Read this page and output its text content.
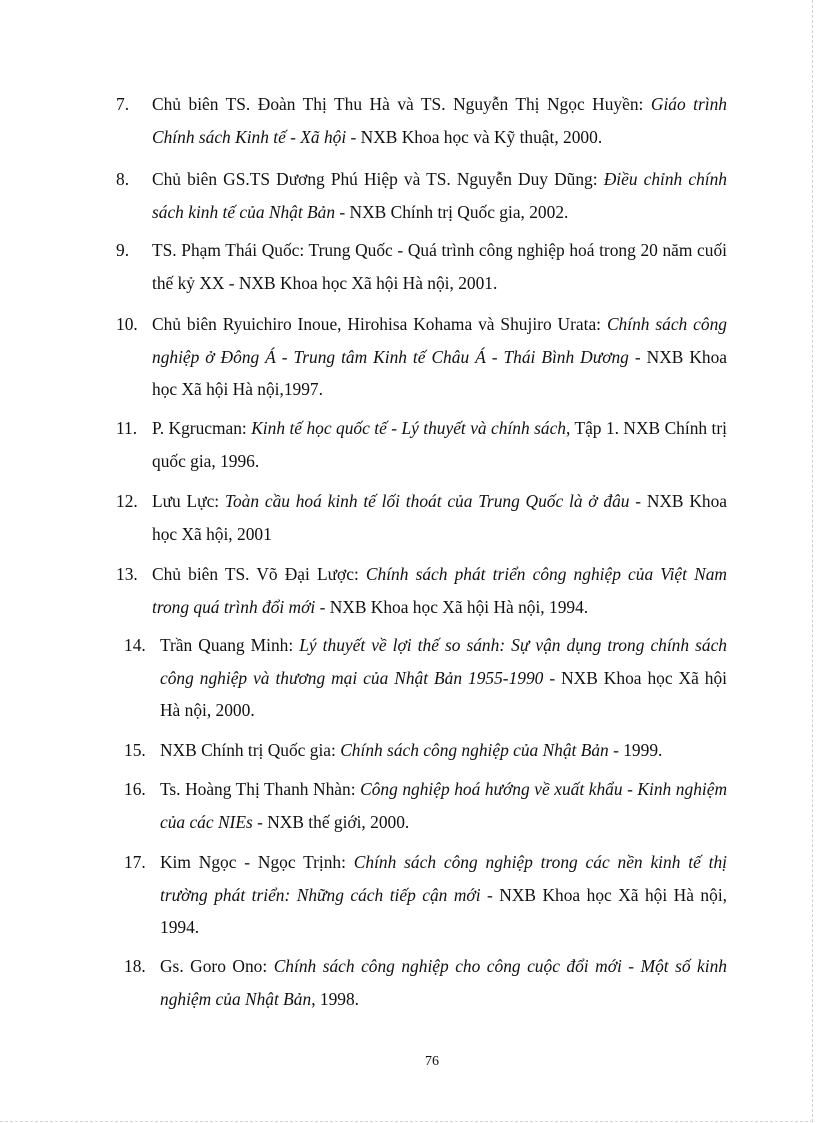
7.	Chủ biên TS. Đoàn Thị Thu Hà và TS. Nguyễn Thị Ngọc Huyền: Giáo trình Chính sách Kinh tế - Xã hội - NXB Khoa học và Kỹ thuật, 2000.
8.	Chủ biên GS.TS Dương Phú Hiệp và TS. Nguyễn Duy Dũng: Điều chỉnh chính sách kinh tế của Nhật Bản - NXB Chính trị Quốc gia, 2002.
9.	TS. Phạm Thái Quốc: Trung Quốc - Quá trình công nghiệp hoá trong 20 năm cuối thế kỷ XX - NXB Khoa học Xã hội Hà nội, 2001.
10. Chủ biên Ryuichiro Inoue, Hirohisa Kohama và Shujiro Urata: Chính sách công nghiệp ở Đông Á - Trung tâm Kinh tế Châu Á - Thái Bình Dương - NXB Khoa học Xã hội Hà nội,1997.
11. P. Kgrucman: Kinh tế học quốc tế - Lý thuyết và chính sách, Tập 1. NXB Chính trị quốc gia, 1996.
12. Lưu Lực: Toàn cầu hoá kinh tế lối thoát của Trung Quốc là ở đâu - NXB Khoa học Xã hội, 2001
13. Chủ biên TS. Võ Đại Lược: Chính sách phát triển công nghiệp của Việt Nam trong quá trình đổi mới - NXB Khoa học Xã hội Hà nội, 1994.
14. Trần Quang Minh: Lý thuyết về lợi thế so sánh: Sự vận dụng trong chính sách công nghiệp và thương mại của Nhật Bản 1955-1990 - NXB Khoa học Xã hội Hà nội, 2000.
15. NXB Chính trị Quốc gia: Chính sách công nghiệp của Nhật Bản - 1999.
16. Ts. Hoàng Thị Thanh Nhàn: Công nghiệp hoá hướng về xuất khẩu - Kinh nghiệm của các NIEs - NXB thế giới, 2000.
17. Kim Ngọc - Ngọc Trịnh: Chính sách công nghiệp trong các nền kinh tế thị trường phát triển: Những cách tiếp cận mới - NXB Khoa học Xã hội Hà nội, 1994.
18. Gs. Goro Ono: Chính sách công nghiệp cho công cuộc đổi mới - Một số kinh nghiệm của Nhật Bản, 1998.
76
